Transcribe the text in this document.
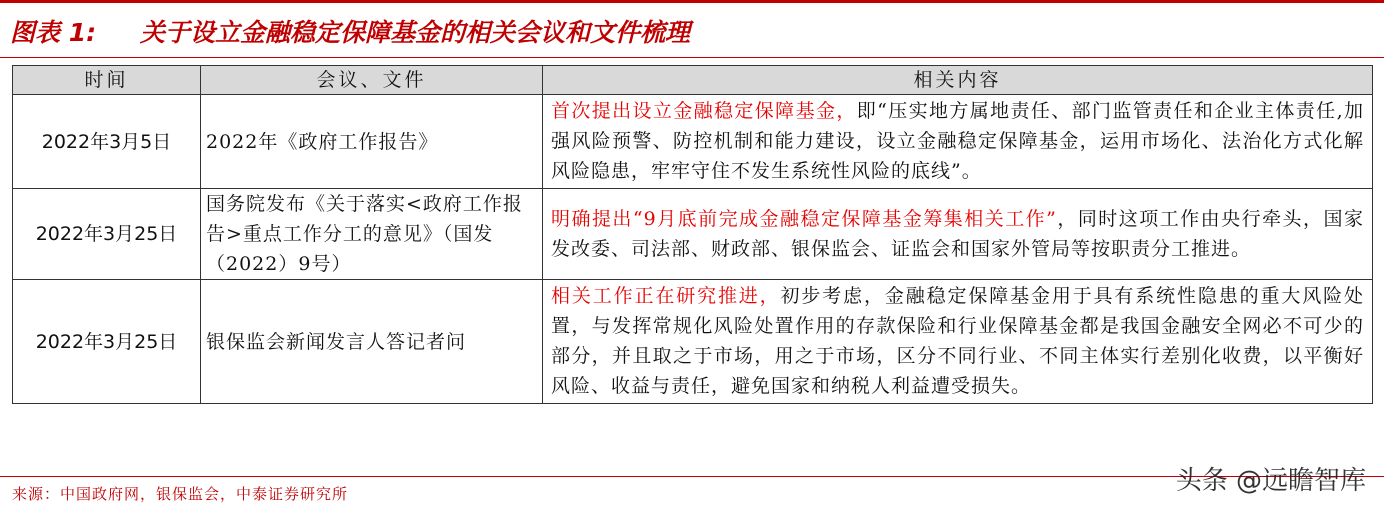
图表 1: 关于设立金融稳定保障基金的相关会议和文件梳理
时间	会议、文件	相关内容
2022年3月5日	2022年《政府工作报告》	首次提出设立金融稳定保障基金，即“压实地方属地责任、部门监管责任和企业主体责任,加强风险预警、防控机制和能力建设，设立金融稳定保障基金，运用市场化、法治化方式化解风险隐患，牢牢守住不发生系统性风险的底线”。
2022年3月25日	国务院发布《关于落实<政府工作报告>重点工作分工的意见》（国发（2022）9号）	明确提出“9月底前完成金融稳定保障基金筹集相关工作”，同时这项工作由央行牵头，国家发改委、司法部、财政部、银保监会、证监会和国家外管局等按职责分工推进。
2022年3月25日	银保监会新闻发言人答记者问	相关工作正在研究推进，初步考虑，金融稳定保障基金用于具有系统性隐患的重大风险处置，与发挥常规化风险处置作用的存款保险和行业保障基金都是我国金融安全网必不可少的部分，并且取之于市场，用之于市场，区分不同行业、不同主体实行差别化收费，以平衡好风险、收益与责任，避免国家和纳税人利益遭受损失。
来源：中国政府网，银保监会，中泰证券研究所	头条 @远瞻智库
